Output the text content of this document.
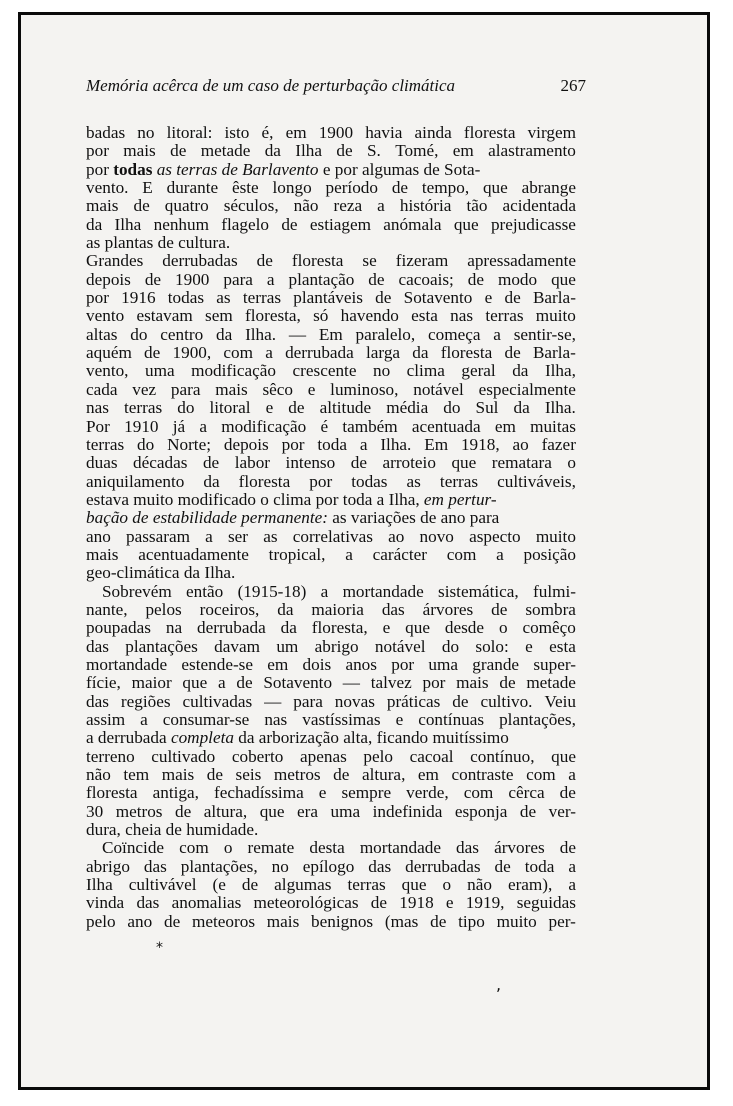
Memória acêrca de um caso de perturbação climática	267
badas no litoral: isto é, em 1900 havia ainda floresta virgem
por mais de metade da Ilha de S. Tomé, em alastramento
por todas as terras de Barlavento e por algumas de Sota-
vento. E durante êste longo período de tempo, que abrange
mais de quatro séculos, não reza a história tão acidentada
da Ilha nenhum flagelo de estiagem anómala que prejudicasse
as plantas de cultura.
Grandes derrubadas de floresta se fizeram apressadamente
depois de 1900 para a plantação de cacoais; de modo que
por 1916 todas as terras plantáveis de Sotavento e de Barla-
vento estavam sem floresta, só havendo esta nas terras muito
altas do centro da Ilha. — Em paralelo, começa a sentir-se,
aquém de 1900, com a derrubada larga da floresta de Barla-
vento, uma modificação crescente no clima geral da Ilha,
cada vez para mais sêco e luminoso, notável especialmente
nas terras do litoral e de altitude média do Sul da Ilha.
Por 1910 já a modificação é também acentuada em muitas
terras do Norte; depois por toda a Ilha. Em 1918, ao fazer
duas décadas de labor intenso de arroteio que rematara o
aniquilamento da floresta por todas as terras cultiváveis,
estava muito modificado o clima por toda a Ilha, em pertur-
bação de estabilidade permanente: as variações de ano para
ano passaram a ser as correlativas ao novo aspecto muito
mais acentuadamente tropical, a carácter com a posição
geo-climática da Ilha.
Sobrevém então (1915-18) a mortandade sistemática, fulmi-
nante, pelos roceiros, da maioria das árvores de sombra
poupadas na derrubada da floresta, e que desde o comêço
das plantações davam um abrigo notável do solo: e esta
mortandade estende-se em dois anos por uma grande super-
fície, maior que a de Sotavento — talvez por mais de metade
das regiões cultivadas — para novas práticas de cultivo. Veiu
assim a consumar-se nas vastíssimas e contínuas plantações,
a derrubada completa da arborização alta, ficando muitíssimo
terreno cultivado coberto apenas pelo cacoal contínuo, que
não tem mais de seis metros de altura, em contraste com a
floresta antiga, fechadíssima e sempre verde, com cêrca de
30 metros de altura, que era uma indefinida esponja de ver-
dura, cheia de humidade.
Coïncide com o remate desta mortandade das árvores de
abrigo das plantações, no epílogo das derrubadas de toda a
Ilha cultivável (e de algumas terras que o não eram), a
vinda das anomalias meteorológicas de 1918 e 1919, seguidas
pelo ano de meteoros mais benignos (mas de tipo muito per-
*
,
